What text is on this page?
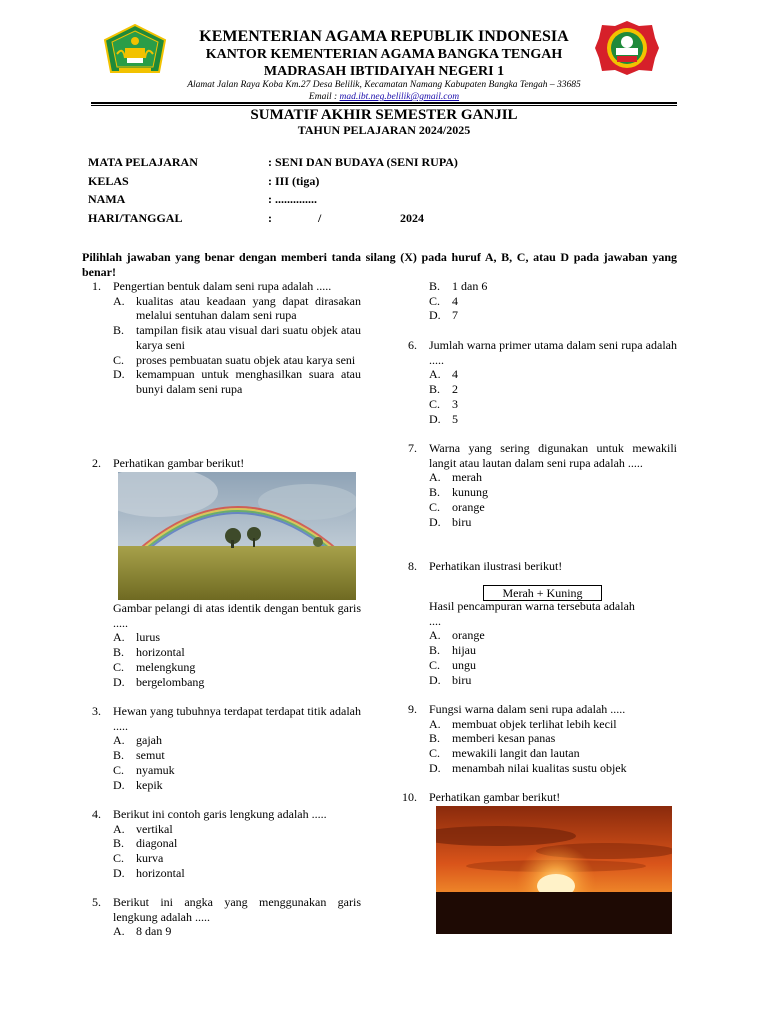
KEMENTERIAN AGAMA REPUBLIK INDONESIA
KANTOR KEMENTERIAN AGAMA BANGKA TENGAH
MADRASAH IBTIDAIYAH NEGERI 1
Alamat Jalan Raya Koba Km.27 Desa Belilik, Kecamatan Namang Kabupaten Bangka Tengah – 33685
Email : mad.ibt.neg.belilik@gmail.com
SUMATIF AKHIR SEMESTER GANJIL
TAHUN PELAJARAN 2024/2025
MATA PELAJARAN	: SENI DAN BUDAYA (SENI RUPA)
KELAS	: III (tiga)
NAMA	: ..............
HARI/TANGGAL	:	/	2024
Pilihlah jawaban yang benar dengan memberi tanda silang (X) pada huruf A, B, C, atau D pada jawaban yang benar!
1. Pengertian bentuk dalam seni rupa adalah .....
A. kualitas atau keadaan yang dapat dirasakan melalui sentuhan dalam seni rupa
B. tampilan fisik atau visual dari suatu objek atau karya seni
C. proses pembuatan suatu objek atau karya seni
D. kemampuan untuk menghasilkan suara atau bunyi dalam seni rupa
2. Perhatikan gambar berikut!
Gambar pelangi di atas identik dengan bentuk garis .....
A. lurus
B. horizontal
C. melengkung
D. bergelombang
3. Hewan yang tubuhnya terdapat terdapat titik adalah .....
A. gajah
B. semut
C. nyamuk
D. kepik
4. Berikut ini contoh garis lengkung adalah .....
A. vertikal
B. diagonal
C. kurva
D. horizontal
5. Berikut ini angka yang menggunakan garis lengkung adalah .....
A. 8 dan 9
B. 1 dan 6
C. 4
D. 7
6. Jumlah warna primer utama dalam seni rupa adalah .....
A. 4
B. 2
C. 3
D. 5
7. Warna yang sering digunakan untuk mewakili langit atau lautan dalam seni rupa adalah .....
A. merah
B. kunung
C. orange
D. biru
8. Perhatikan ilustrasi berikut!
Merah + Kuning
Hasil pencampuran warna tersebuta adalah ....
A. orange
B. hijau
C. ungu
D. biru
9. Fungsi warna dalam seni rupa adalah .....
A. membuat objek terlihat lebih kecil
B. memberi kesan panas
C. mewakili langit dan lautan
D. menambah nilai kualitas sustu objek
10. Perhatikan gambar berikut!
